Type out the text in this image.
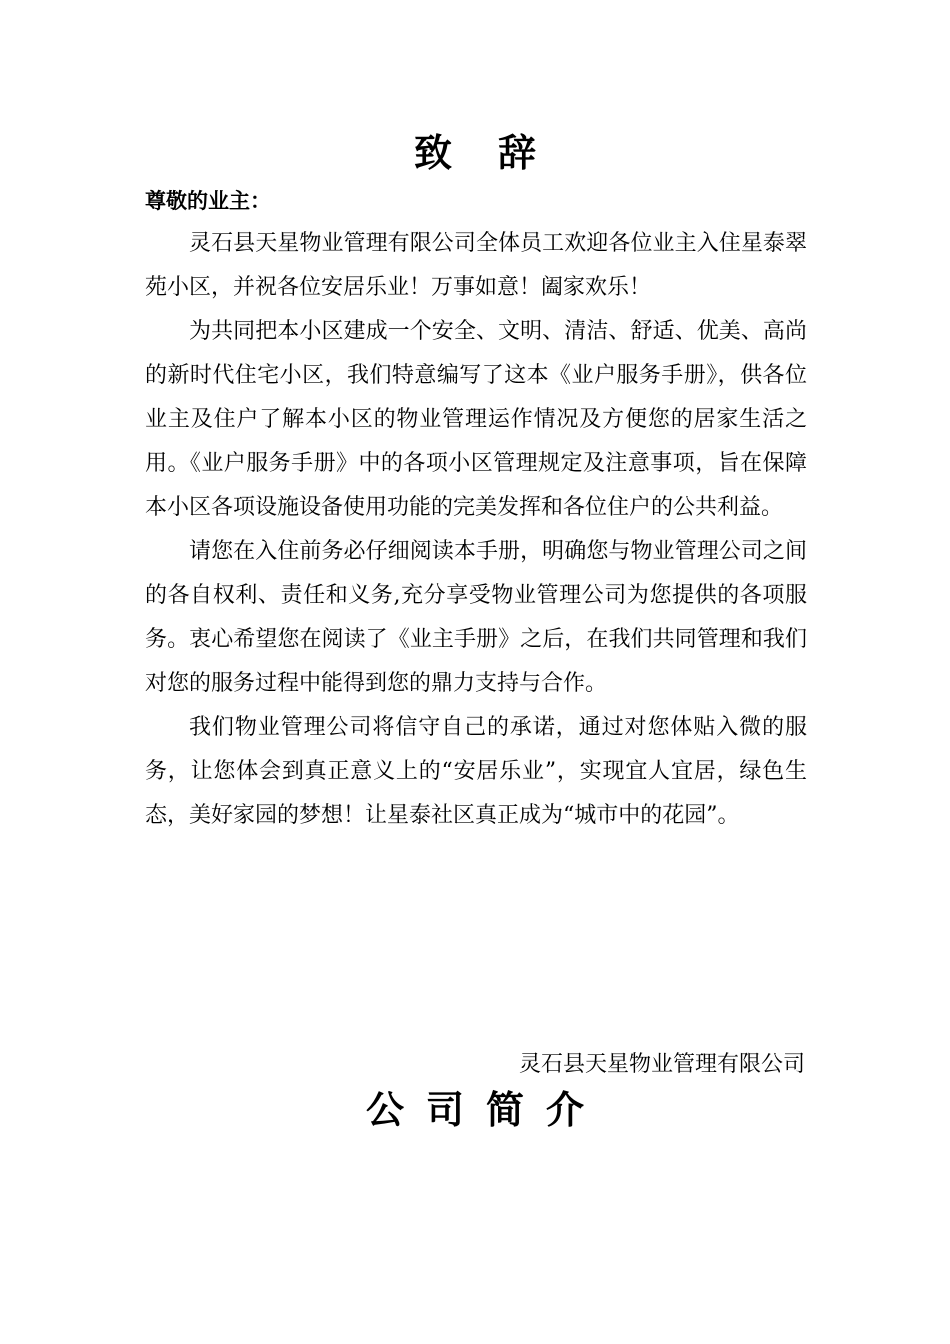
致辞
尊敬的业主：

灵石县天星物业管理有限公司全体员工欢迎各位业主入住星泰翠苑小区，并祝各位安居乐业！万事如意！阖家欢乐！

为共同把本小区建成一个安全、文明、清洁、舒适、优美、高尚的新时代住宅小区，我们特意编写了这本《业户服务手册》，供各位业主及住户了解本小区的物业管理运作情况及方便您的居家生活之用。《业户服务手册》中的各项小区管理规定及注意事项，旨在保障本小区各项设施设备使用功能的完美发挥和各位住户的公共利益。

请您在入住前务必仔细阅读本手册，明确您与物业管理公司之间的各自权利、责任和义务,充分享受物业管理公司为您提供的各项服务。衷心希望您在阅读了《业主手册》之后，在我们共同管理和我们对您的服务过程中能得到您的鼎力支持与合作。

我们物业管理公司将信守自己的承诺，通过对您体贴入微的服务，让您体会到真正意义上的“安居乐业”，实现宜人宜居，绿色生态，美好家园的梦想！让星泰社区真正成为“城市中的花园”。

灵石县天星物业管理有限公司
公司简介
